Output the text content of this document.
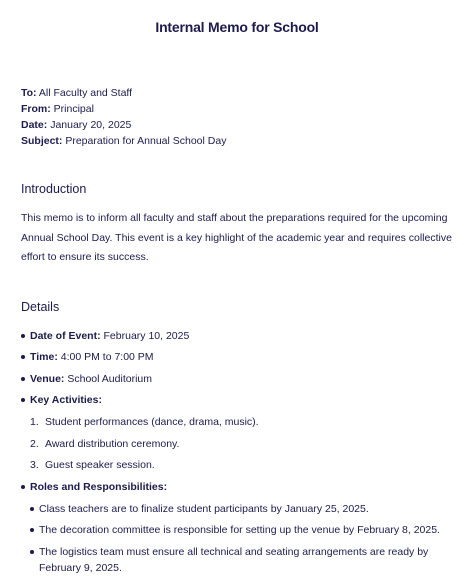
Internal Memo for School
To: All Faculty and Staff
From: Principal
Date: January 20, 2025
Subject: Preparation for Annual School Day
Introduction

This memo is to inform all faculty and staff about the preparations required for the upcoming Annual School Day. This event is a key highlight of the academic year and requires collective effort to ensure its success.

Details
Date of Event: February 10, 2025
Time: 4:00 PM to 7:00 PM
Venue: School Auditorium
Key Activities:
1. Student performances (dance, drama, music).
2. Award distribution ceremony.
3. Guest speaker session.
Roles and Responsibilities:
Class teachers are to finalize student participants by January 25, 2025.
The decoration committee is responsible for setting up the venue by February 8, 2025.
The logistics team must ensure all technical and seating arrangements are ready by February 9, 2025.
